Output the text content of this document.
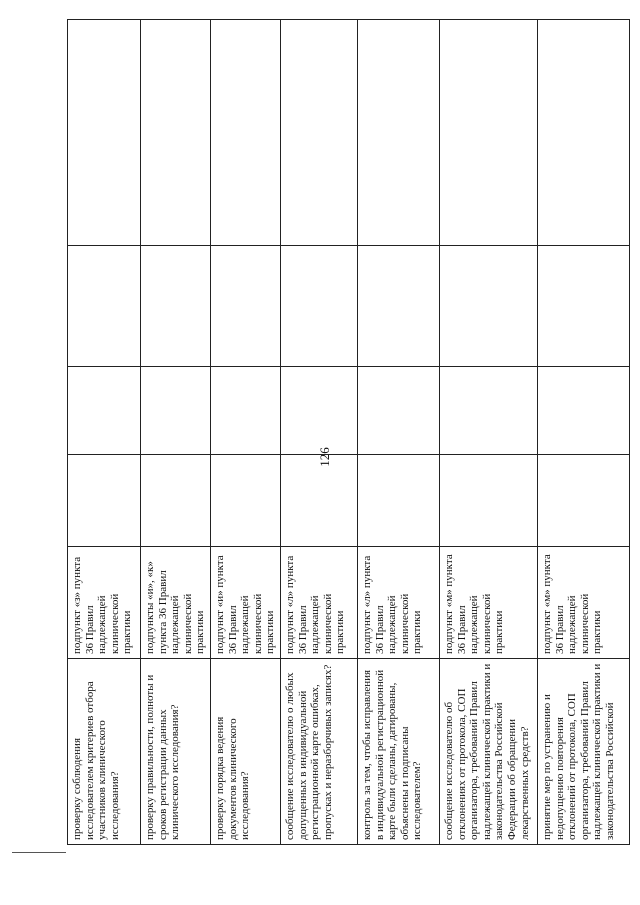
126
проверку соблюдения исследователем критериев отбора участников клинического исследования?	подпункт «з» пункта 36 Правил надлежащей клинической практики				
проверку правильности, полноты и сроков регистрации данных клинического исследования?	подпункты «и», «к» пункта 36 Правил надлежащей клинической практики				
проверку порядка ведения документов клинического исследования?	подпункт «и» пункта 36 Правил надлежащей клинической практики				
сообщение исследователю о любых допущенных в индивидуальной регистрационной карте ошибках, пропусках и неразборчивых записях?	подпункт «л» пункта 36 Правил надлежащей клинической практики				
контроль за тем, чтобы исправления в индивидуальной регистрационной карте были сделаны, датированы, объяснены и подписаны исследователем?	подпункт «л» пункта 36 Правил надлежащей клинической практики				
сообщение исследователю об отклонениях от протокола, СОП организатора, требований Правил надлежащей клинической практики и законодательства Российской Федерации об обращении лекарственных средств?	подпункт «м» пункта 36 Правил надлежащей клинической практики				
принятие мер по устранению и недопущению повторения отклонений от протокола, СОП организатора, требований Правил надлежащей клинической практики и законодательства Российской	подпункт «м» пункта 36 Правил надлежащей клинической практики				
